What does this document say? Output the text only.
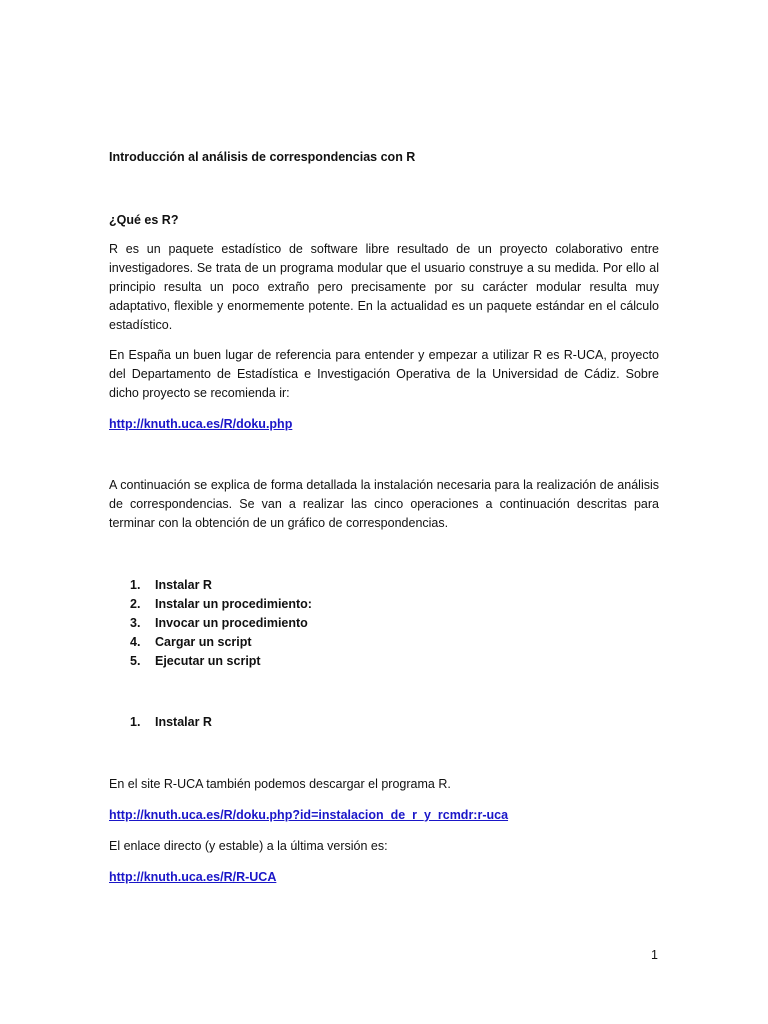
Introducción al análisis de correspondencias con R
¿Qué es R?
R es un paquete estadístico de software libre resultado de un proyecto colaborativo entre investigadores. Se trata de un programa modular que el usuario construye a su medida. Por ello al principio resulta un poco extraño pero precisamente por su carácter modular resulta muy adaptativo, flexible y enormemente potente. En la actualidad es un paquete estándar en el cálculo estadístico.
En España un buen lugar de referencia para entender y empezar a utilizar R es R-UCA, proyecto del Departamento de Estadística e Investigación Operativa de la Universidad de Cádiz. Sobre dicho proyecto se recomienda ir:
http://knuth.uca.es/R/doku.php
A continuación se explica de forma detallada la instalación necesaria para la realización de análisis de correspondencias. Se van a realizar las cinco operaciones a continuación descritas para terminar con la obtención de un gráfico de correspondencias.
1. Instalar R
2. Instalar un procedimiento:
3. Invocar un procedimiento
4. Cargar un script
5. Ejecutar un script
1. Instalar R
En el site R-UCA también podemos descargar el programa R.
http://knuth.uca.es/R/doku.php?id=instalacion_de_r_y_rcmdr:r-uca
El enlace directo (y estable) a la última versión es:
http://knuth.uca.es/R/R-UCA
1
